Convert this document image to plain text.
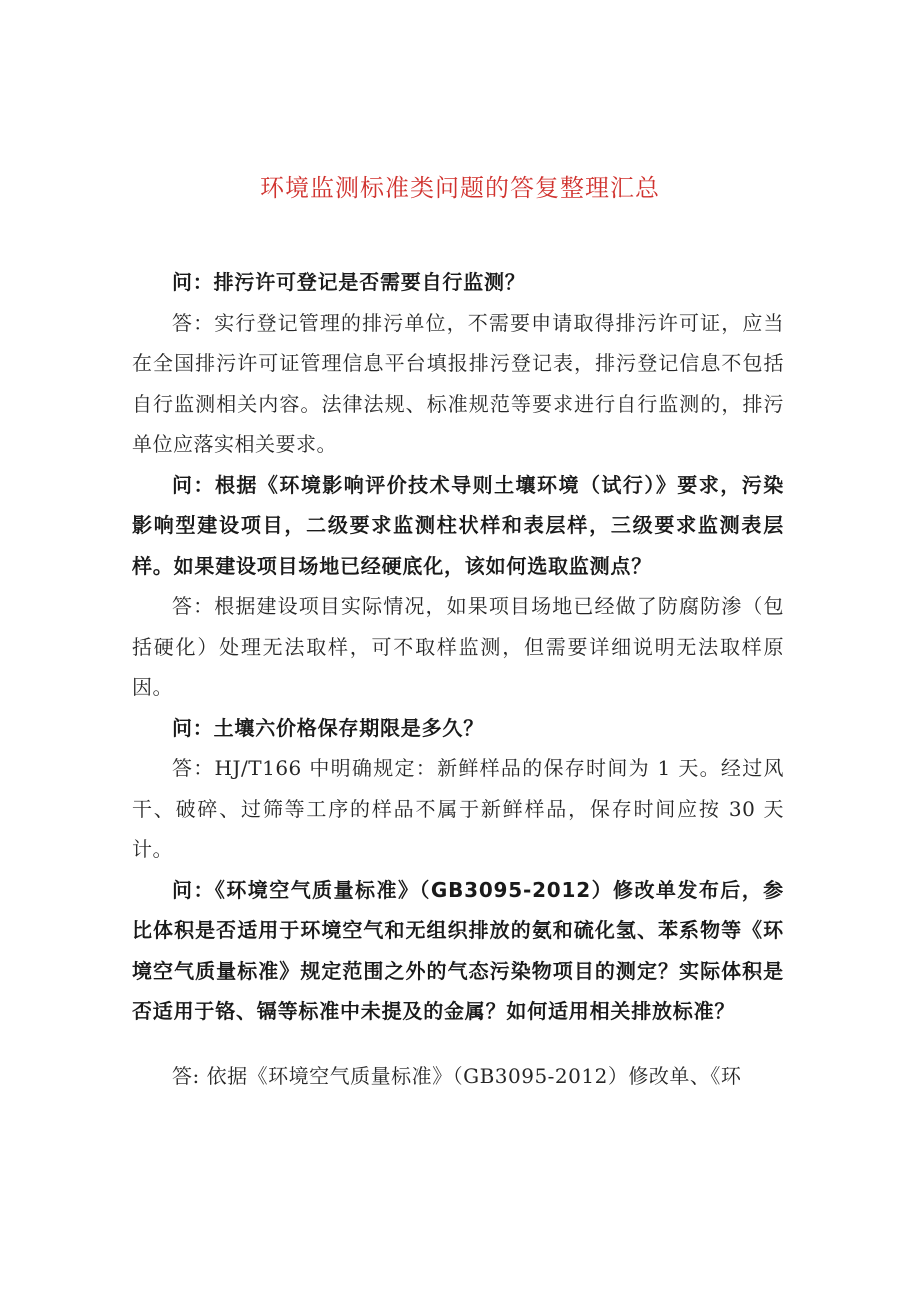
环境监测标准类问题的答复整理汇总

问：排污许可登记是否需要自行监测？

答：实行登记管理的排污单位，不需要申请取得排污许可证，应当在全国排污许可证管理信息平台填报排污登记表，排污登记信息不包括自行监测相关内容。法律法规、标准规范等要求进行自行监测的，排污单位应落实相关要求。

问：根据《环境影响评价技术导则土壤环境（试行）》要求，污染影响型建设项目，二级要求监测柱状样和表层样，三级要求监测表层样。如果建设项目场地已经硬底化，该如何选取监测点？

答：根据建设项目实际情况，如果项目场地已经做了防腐防渗（包括硬化）处理无法取样，可不取样监测，但需要详细说明无法取样原因。

问：土壤六价格保存期限是多久？

答：HJ/T166 中明确规定：新鲜样品的保存时间为 1 天。经过风干、破碎、过筛等工序的样品不属于新鲜样品，保存时间应按 30 天计。

问：《环境空气质量标准》（GB3095-2012）修改单发布后，参比体积是否适用于环境空气和无组织排放的氨和硫化氢、苯系物等《环境空气质量标准》规定范围之外的气态污染物项目的测定？实际体积是否适用于铬、镉等标准中未提及的金属？如何适用相关排放标准？

答: 依据《环境空气质量标准》（GB3095-2012）修改单、《环
